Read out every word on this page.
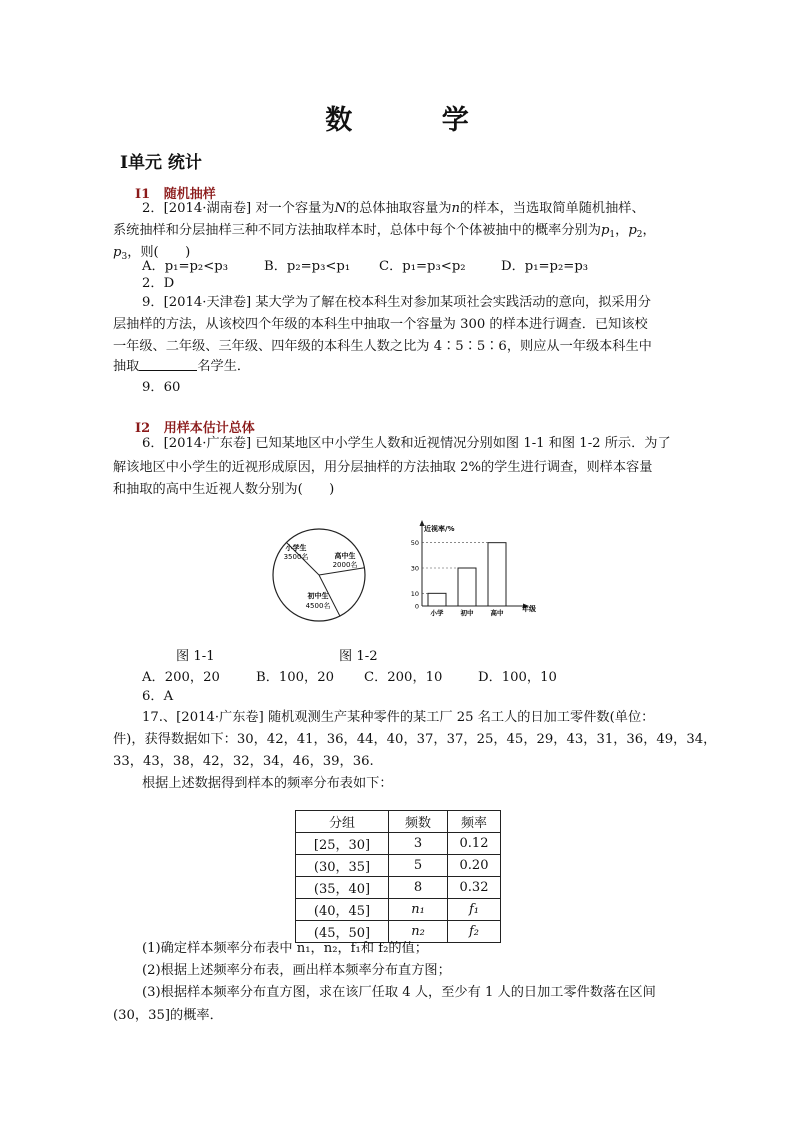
数 学
I单元 统计
I1 随机抽样
2．[2014·湖南卷] 对一个容量为N的总体抽取容量为n的样本，当选取简单随机抽样、
系统抽样和分层抽样三种不同方法抽取样本时，总体中每个个体被抽中的概率分别为$p_1$，$p_2$，
$p_3$，则(　　)
A．p₁=p₂<p₃	B．p₂=p₃<p₁ C．p₁=p₃<p₂	D．p₁=p₂=p₃
2．D
9．[2014·天津卷] 某大学为了解在校本科生对参加某项社会实践活动的意向，拟采用分
层抽样的方法，从该校四个年级的本科生中抽取一个容量为 300 的样本进行调查．已知该校
一年级、二年级、三年级、四年级的本科生人数之比为 4∶5∶5∶6，则应从一年级本科生中
抽取	名学生．
9．60
I2 用样本估计总体
6．[2014·广东卷] 已知某地区中小学生人数和近视情况分别如图 1-1 和图 1-2 所示．为了
解该地区中小学生的近视形成原因，用分层抽样的方法抽取 2%的学生进行调查，则样本容量
和抽取的高中生近视人数分别为(　　)
小学生
3500名	高中生
2000名
初中生
4500名	0
10
30
50
小学	初中	高中
近视率/%
年级
图 1-1	图 1-2
A．200，20	B．100，20 C．200，10	D．100，10
6．A
17.、[2014·广东卷] 随机观测生产某种零件的某工厂 25 名工人的日加工零件数(单位：
件)，获得数据如下：30，42，41，36，44，40，37，37，25，45，29，43，31，36，49，34，
33，43，38，42，32，34，46，39，36.
根据上述数据得到样本的频率分布表如下：
分组	频数	频率
[25，30]	3	0.12
(30，35]	5	0.20
(35，40]	8	0.32
(40，45]	n₁	f₁
(45，50]	n₂	f₂
(1)确定样本频率分布表中 n₁，n₂，f₁和 f₂的值；
(2)根据上述频率分布表，画出样本频率分布直方图；
(3)根据样本频率分布直方图，求在该厂任取 4 人，至少有 1 人的日加工零件数落在区间
(30，35]的概率．
